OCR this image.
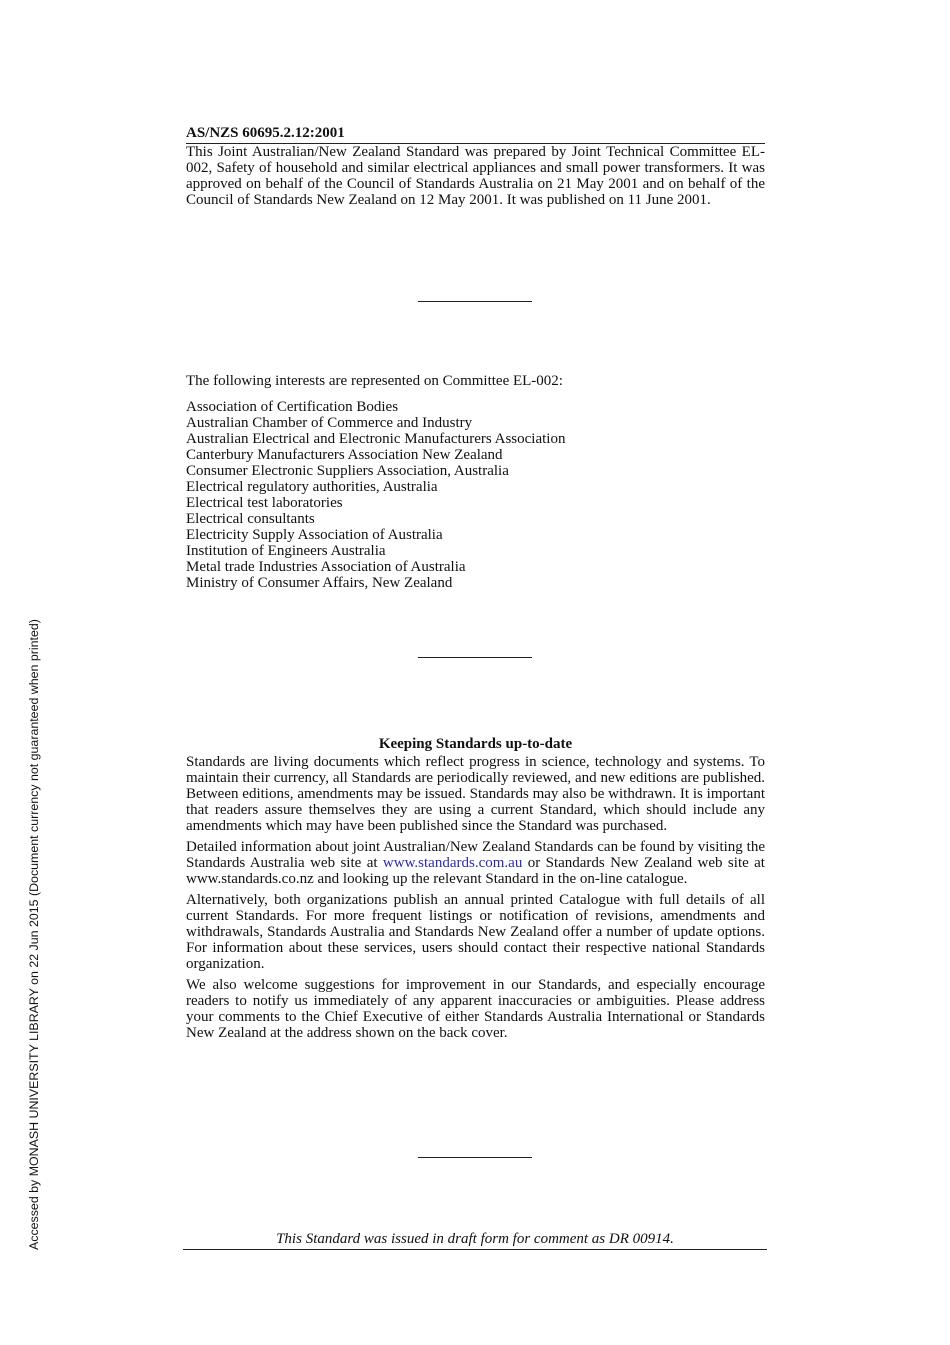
Accessed by MONASH UNIVERSITY LIBRARY on 22 Jun 2015 (Document currency not guaranteed when printed)

AS/NZS 60695.2.12:2001

This Joint Australian/New Zealand Standard was prepared by Joint Technical Committee EL-002, Safety of household and similar electrical appliances and small power transformers. It was approved on behalf of the Council of Standards Australia on 21 May 2001 and on behalf of the Council of Standards New Zealand on 12 May 2001. It was published on 11 June 2001.

The following interests are represented on Committee EL-002:

Association of Certification Bodies
Australian Chamber of Commerce and Industry
Australian Electrical and Electronic Manufacturers Association
Canterbury Manufacturers Association New Zealand
Consumer Electronic Suppliers Association, Australia
Electrical regulatory authorities, Australia
Electrical test laboratories
Electrical consultants
Electricity Supply Association of Australia
Institution of Engineers Australia
Metal trade Industries Association of Australia
Ministry of Consumer Affairs, New Zealand

Keeping Standards up-to-date

Standards are living documents which reflect progress in science, technology and systems. To maintain their currency, all Standards are periodically reviewed, and new editions are published. Between editions, amendments may be issued. Standards may also be withdrawn. It is important that readers assure themselves they are using a current Standard, which should include any amendments which may have been published since the Standard was purchased.

Detailed information about joint Australian/New Zealand Standards can be found by visiting the Standards Australia web site at www.standards.com.au or Standards New Zealand web site at www.standards.co.nz and looking up the relevant Standard in the on-line catalogue.

Alternatively, both organizations publish an annual printed Catalogue with full details of all current Standards. For more frequent listings or notification of revisions, amendments and withdrawals, Standards Australia and Standards New Zealand offer a number of update options. For information about these services, users should contact their respective national Standards organization.

We also welcome suggestions for improvement in our Standards, and especially encourage readers to notify us immediately of any apparent inaccuracies or ambiguities. Please address your comments to the Chief Executive of either Standards Australia International or Standards New Zealand at the address shown on the back cover.

This Standard was issued in draft form for comment as DR 00914.
